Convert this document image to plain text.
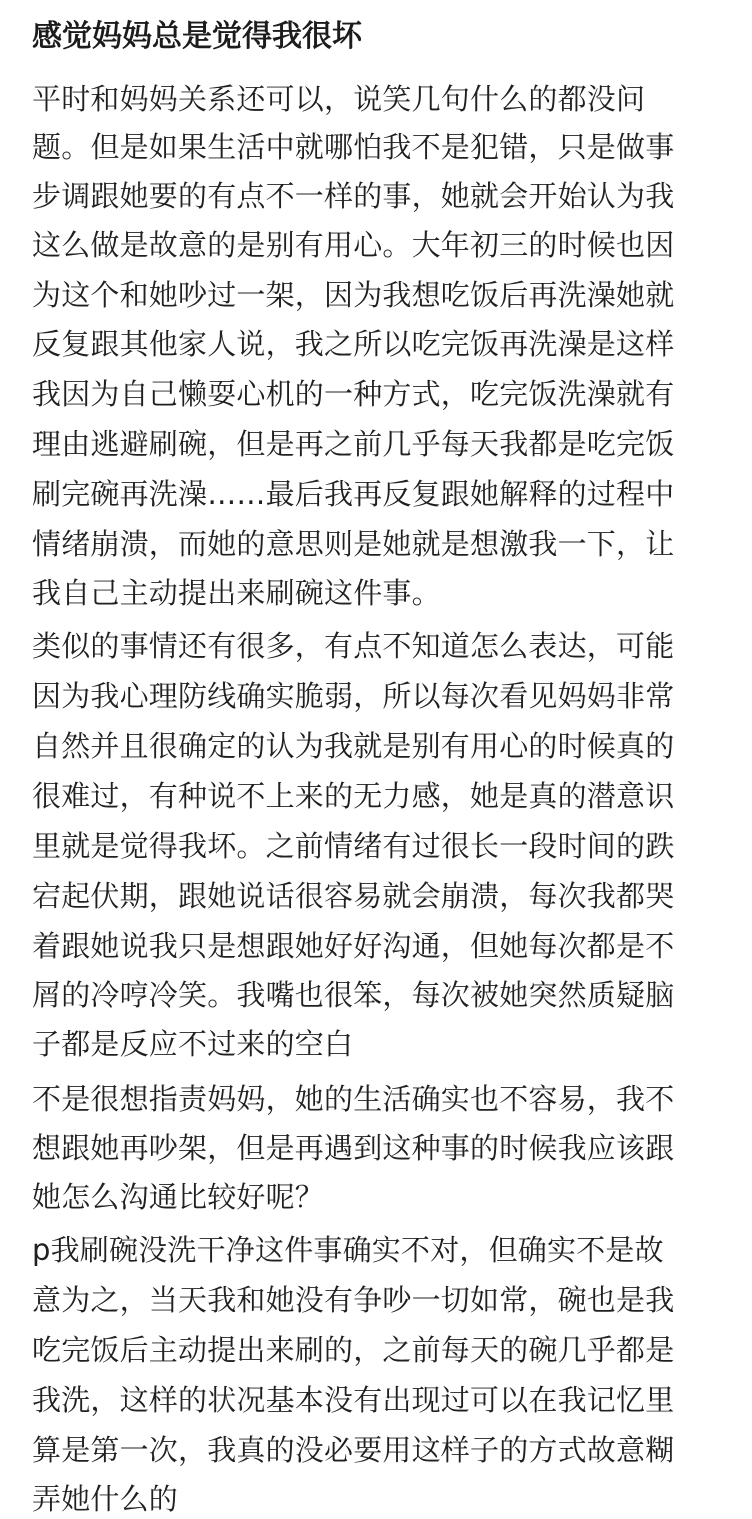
感觉妈妈总是觉得我很坏
平时和妈妈关系还可以，说笑几句什么的都没问
题。但是如果生活中就哪怕我不是犯错，只是做事
步调跟她要的有点不一样的事，她就会开始认为我
这么做是故意的是别有用心。大年初三的时候也因
为这个和她吵过一架，因为我想吃饭后再洗澡她就
反复跟其他家人说，我之所以吃完饭再洗澡是这样
我因为自己懒耍心机的一种方式，吃完饭洗澡就有
理由逃避刷碗，但是再之前几乎每天我都是吃完饭
刷完碗再洗澡……最后我再反复跟她解释的过程中
情绪崩溃，而她的意思则是她就是想激我一下，让
我自己主动提出来刷碗这件事。
类似的事情还有很多，有点不知道怎么表达，可能
因为我心理防线确实脆弱，所以每次看见妈妈非常
自然并且很确定的认为我就是别有用心的时候真的
很难过，有种说不上来的无力感，她是真的潜意识
里就是觉得我坏。之前情绪有过很长一段时间的跌
宕起伏期，跟她说话很容易就会崩溃，每次我都哭
着跟她说我只是想跟她好好沟通，但她每次都是不
屑的冷哼冷笑。我嘴也很笨，每次被她突然质疑脑
子都是反应不过来的空白
不是很想指责妈妈，她的生活确实也不容易，我不
想跟她再吵架，但是再遇到这种事的时候我应该跟
她怎么沟通比较好呢？
p我刷碗没洗干净这件事确实不对，但确实不是故
意为之，当天我和她没有争吵一切如常，碗也是我
吃完饭后主动提出来刷的，之前每天的碗几乎都是
我洗，这样的状况基本没有出现过可以在我记忆里
算是第一次，我真的没必要用这样子的方式故意糊
弄她什么的
